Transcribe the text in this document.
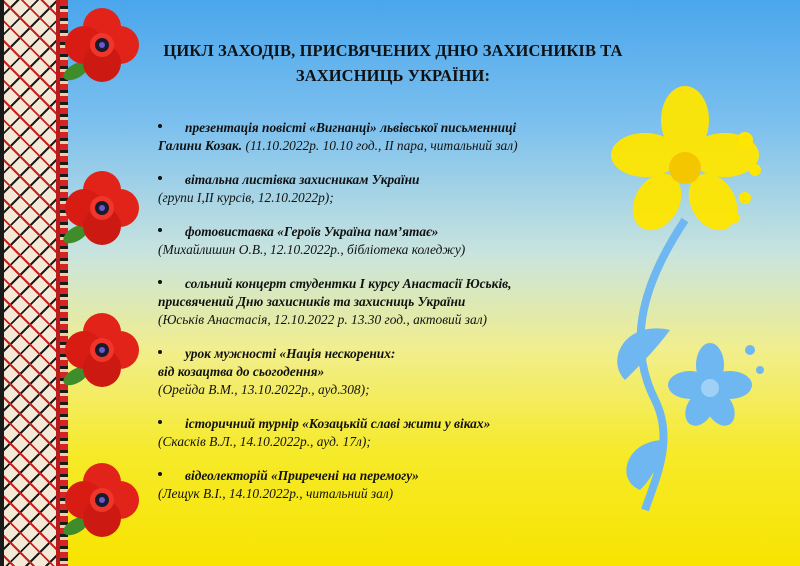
ЦИКЛ ЗАХОДІВ, ПРИСВЯЧЕНИХ ДНЮ ЗАХИСНИКІВ ТА
ЗАХИСНИЦЬ УКРАЇНИ:

презентація повісті «Вигнанці» львівської письменниці

Галини Козак. (11.10.2022р. 10.10 год., ІІ пара, читальний зал)

вітальна листівка захисникам України

(групи І,ІІ курсів, 12.10.2022р);

фотовиставка «Героїв Україна пам’ятає»

(Михайлишин О.В., 12.10.2022р., бібліотека коледжу)

сольний концерт студентки І курсу Анастасії Юськів,

присвячений Дню захисників та захисниць України

(Юськів Анастасія, 12.10.2022 р. 13.30 год., актовий зал)

урок мужності «Нація нескорених:

від козацтва до сьогодення»

(Орейда В.М., 13.10.2022р., ауд.308);

історичний турнір «Козацькій славі жити у віках»

(Скасків В.Л., 14.10.2022р., ауд. 17л);

відеолекторій «Приречені на перемогу»

(Лещук В.І., 14.10.2022р., читальний зал)
